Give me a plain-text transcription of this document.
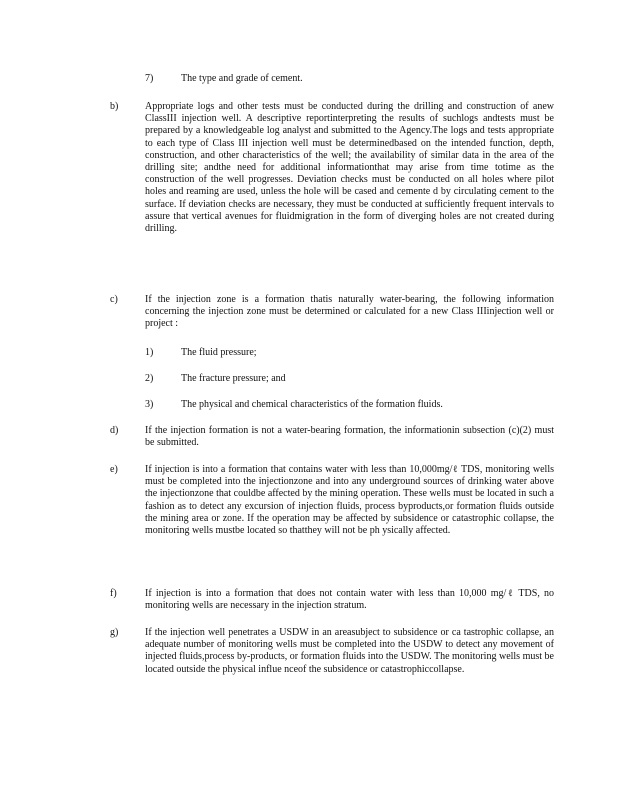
7)	The type and grade of cement.
b)	Appropriate logs and other tests must be conducted during the drilling and construction of anew ClassIII injection well. A descriptive reportinterpreting the results of suchlogs andtests must be prepared by a knowledgeable log analyst and submitted to the Agency.The logs and tests appropriate to each type of Class III injection well must be determinedbased on the intended function, depth, construction, and other characteristics of the well; the availability of similar data in the area of the drilling site; andthe need for additional informationthat may arise from time totime as the construction of the well progresses. Deviation checks must be conducted on all holes where pilot holes and reaming are used, unless the hole will be cased and cemente d by circulating cement to the surface. If deviation checks are necessary, they must be conducted at sufficiently frequent intervals to assure that vertical avenues for fluidmigration in the form of diverging holes are not created during drilling.
c)	If the injection zone is a formation thatis naturally water-bearing, the following information concerning the injection zone must be determined or calculated for a new Class IIIinjection well or project :
1)	The fluid pressure;
2)	The fracture pressure; and
3)	The physical and chemical characteristics of the formation fluids.
d)	If the injection formation is not a water-bearing formation, the informationin subsection (c)(2) must be submitted.
e)	If injection is into a formation that contains water with less than 10,000mg/ℓ TDS, monitoring wells must be completed into the injectionzone and into any underground sources of drinking water above the injectionzone that couldbe affected by the mining operation. These wells must be located in such a fashion as to detect any excursion of injection fluids, process byproducts,or formation fluids outside the mining area or zone. If the operation may be affected by subsidence or catastrophic collapse, the monitoring wells mustbe located so thatthey will not be ph ysically affected.
f)	If injection is into a formation that does not contain water with less than 10,000 mg/ℓ TDS, no monitoring wells are necessary in the injection stratum.
g)	If the injection well penetrates a USDW in an areasubject to subsidence or ca tastrophic collapse, an adequate number of monitoring wells must be completed into the USDW to detect any movement of injected fluids,process by-products, or formation fluids into the USDW. The monitoring wells must be located outside the physical influe nceof the subsidence or catastrophiccollapse.
